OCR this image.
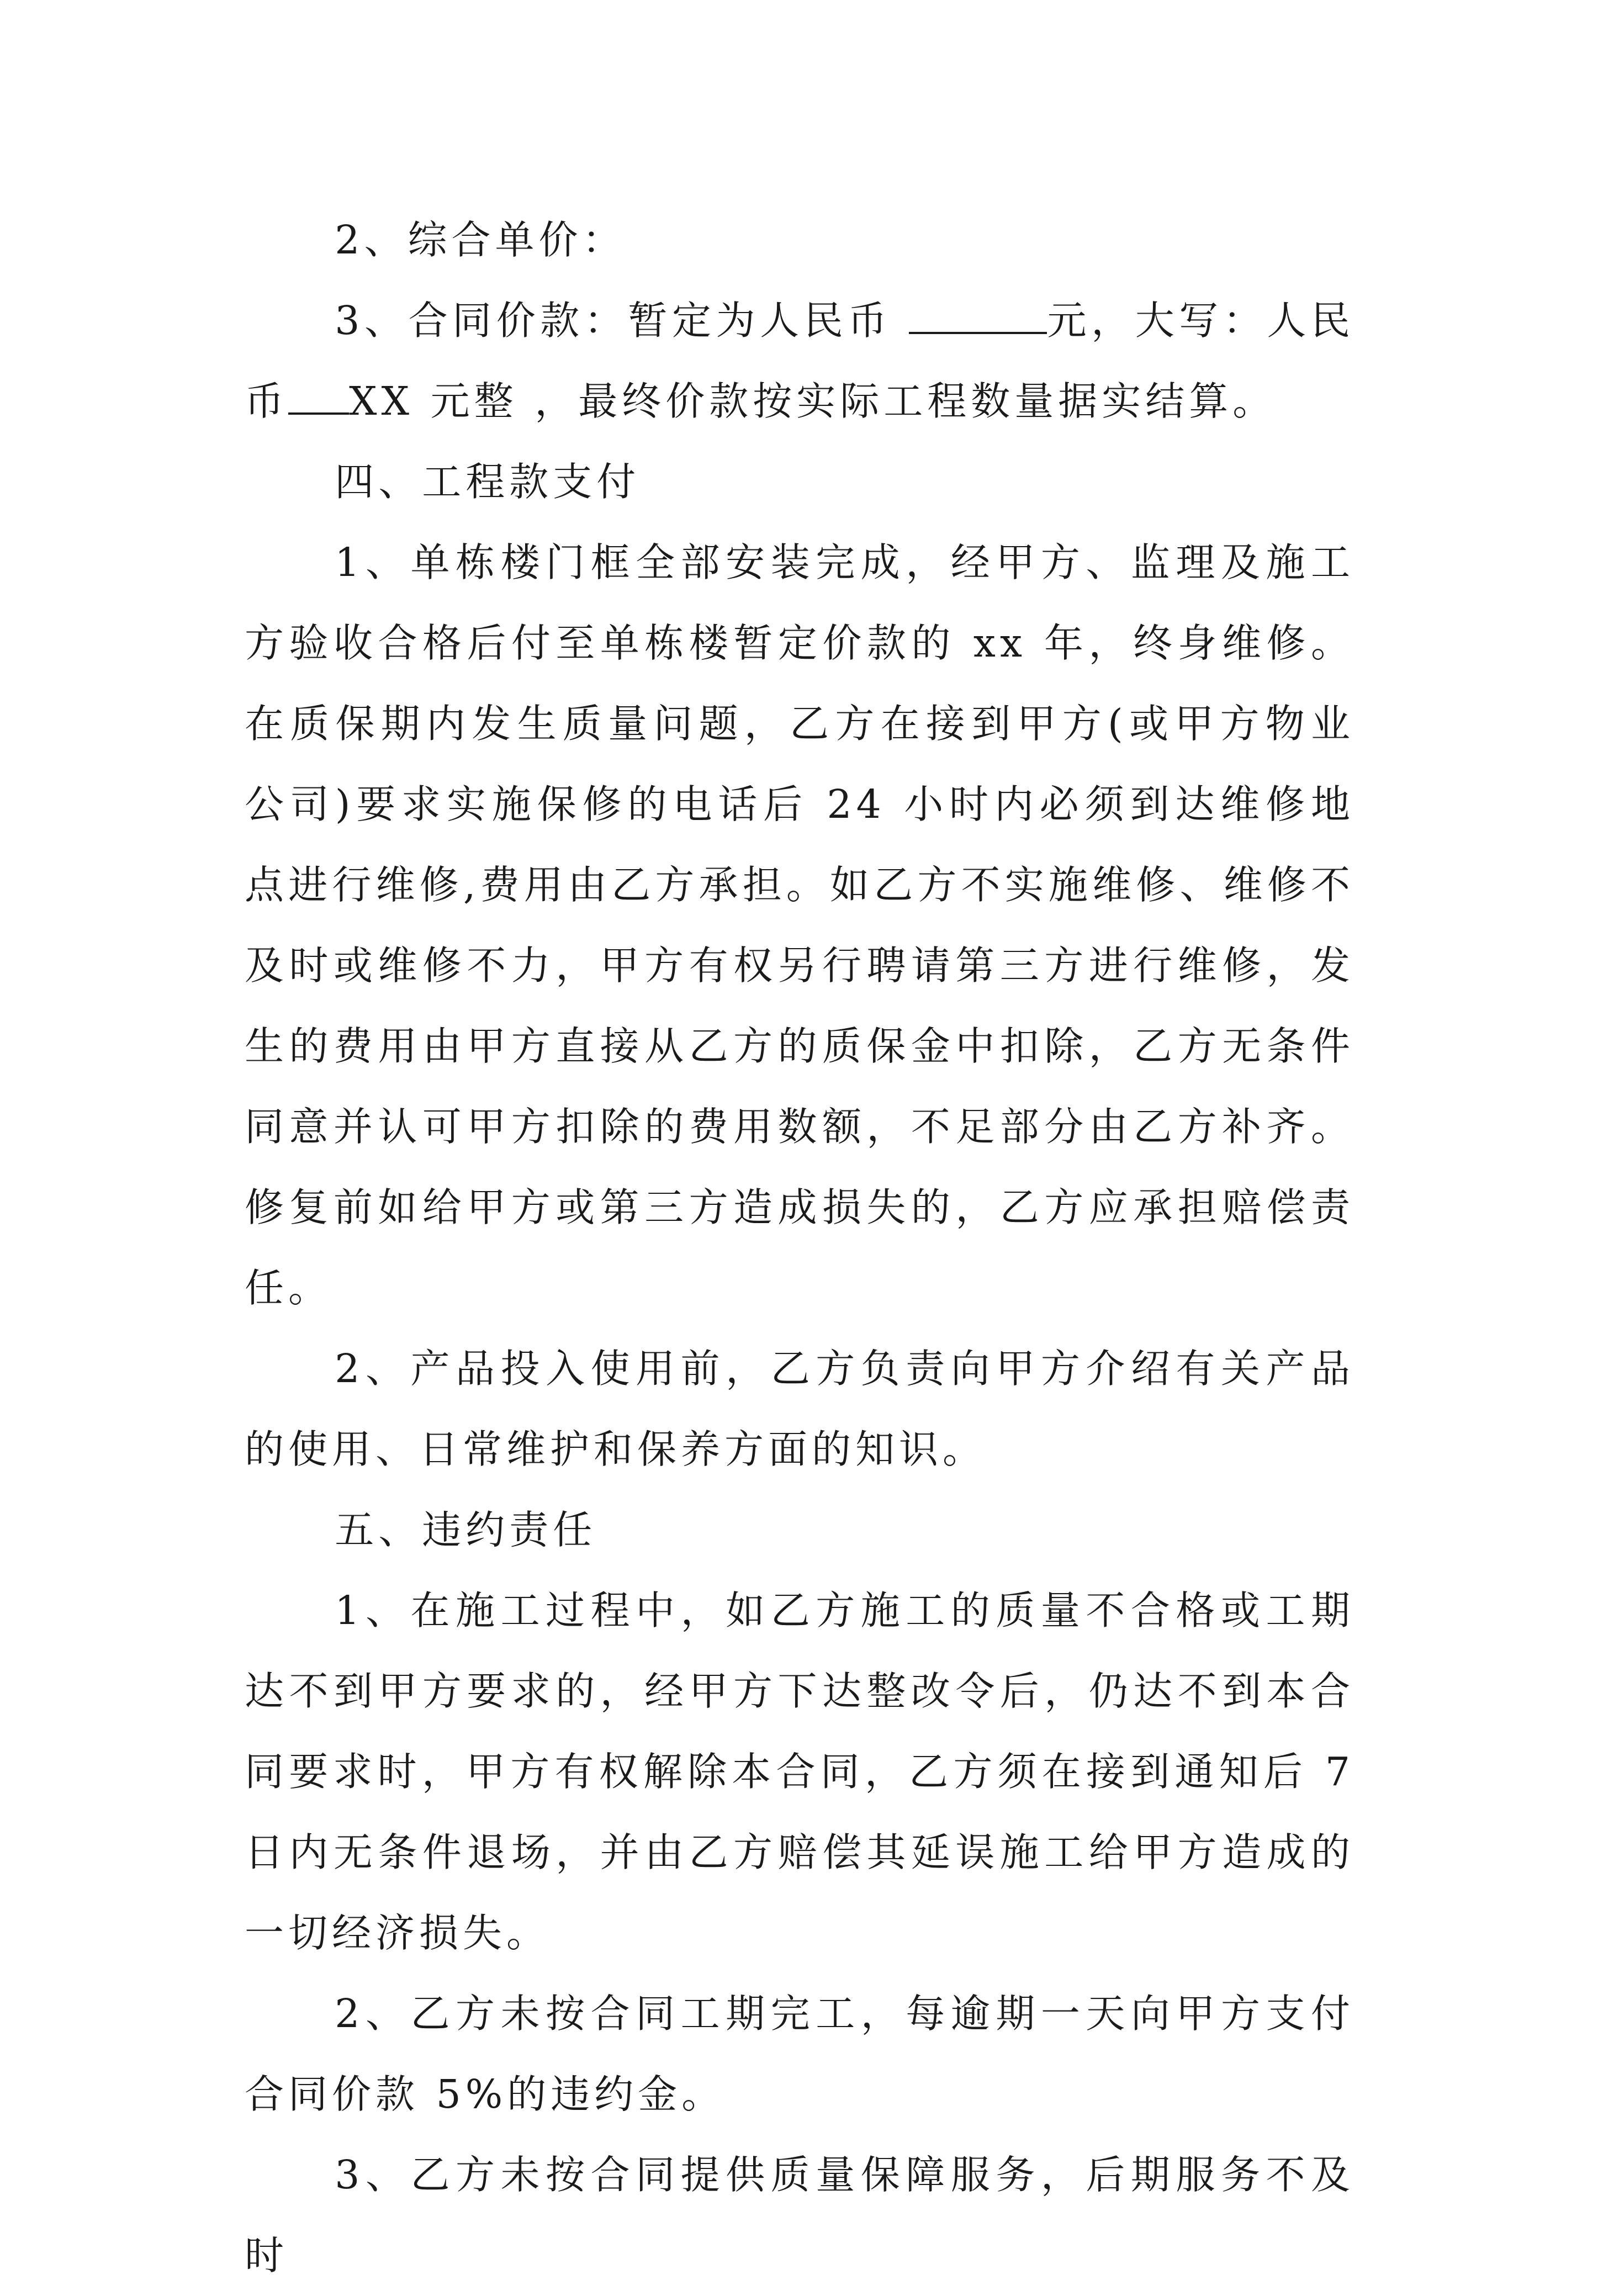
2、综合单价：

3、合同价款：暂定为人民币	元，大写：人民币 XX 元整 ，最终价款按实际工程数量据实结算。

四、工程款支付

1、单栋楼门框全部安装完成，经甲方、监理及施工方验收合格后付至单栋楼暂定价款的 xx 年，终身维修。在质保期内发生质量问题，乙方在接到甲方(或甲方物业公司)要求实施保修的电话后 24 小时内必须到达维修地点进行维修,费用由乙方承担。如乙方不实施维修、维修不及时或维修不力，甲方有权另行聘请第三方进行维修，发生的费用由甲方直接从乙方的质保金中扣除，乙方无条件同意并认可甲方扣除的费用数额，不足部分由乙方补齐。修复前如给甲方或第三方造成损失的，乙方应承担赔偿责任。

2、产品投入使用前，乙方负责向甲方介绍有关产品的使用、日常维护和保养方面的知识。

五、违约责任

1、在施工过程中，如乙方施工的质量不合格或工期达不到甲方要求的，经甲方下达整改令后，仍达不到本合同要求时，甲方有权解除本合同，乙方须在接到通知后 7 日内无条件退场，并由乙方赔偿其延误施工给甲方造成的一切经济损失。

2、乙方未按合同工期完工，每逾期一天向甲方支付合同价款 5%的违约金。

3、乙方未按合同提供质量保障服务，后期服务不及时
